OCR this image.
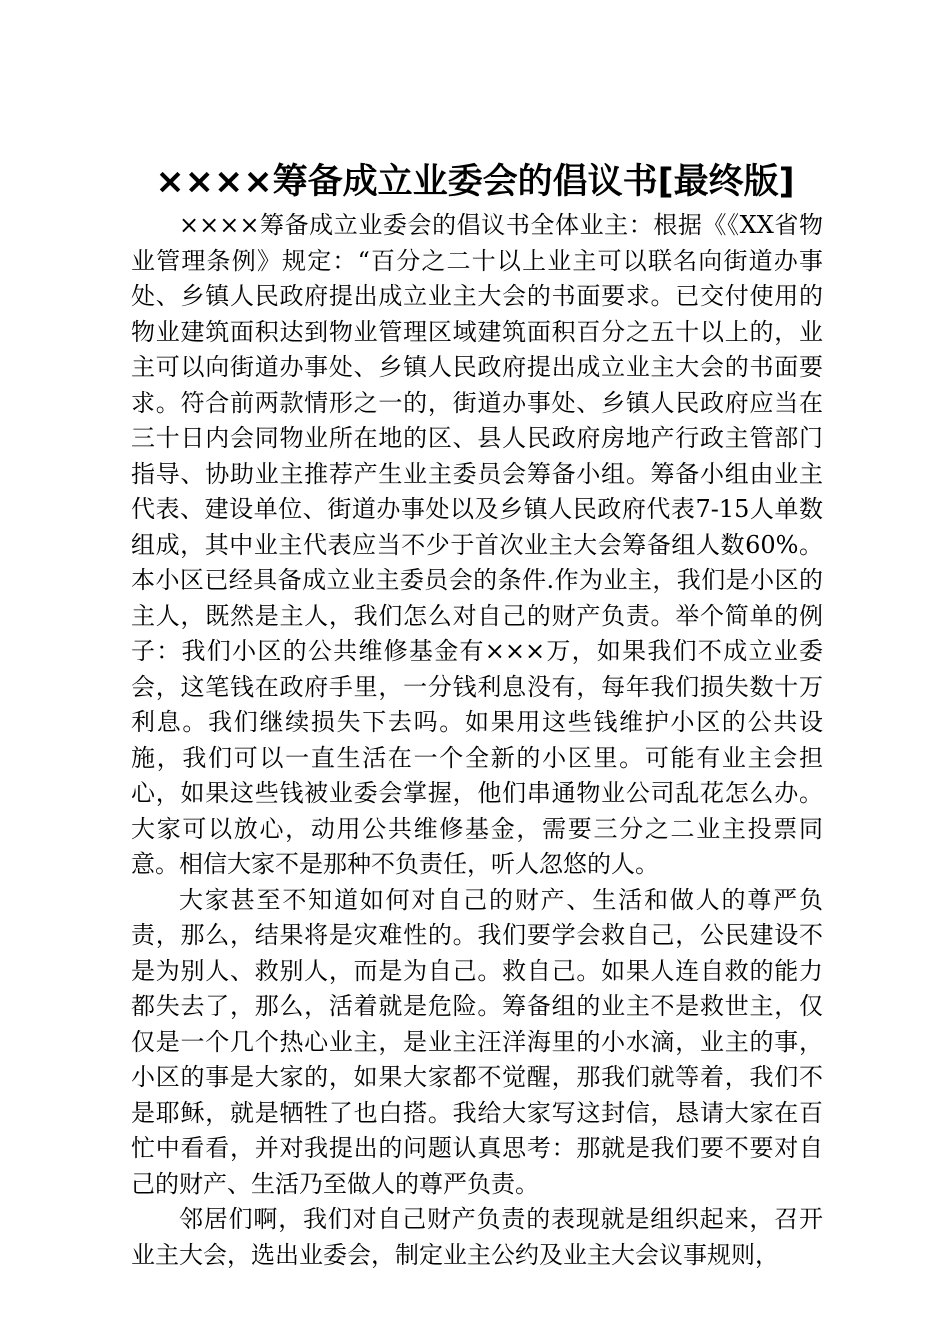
××××筹备成立业委会的倡议书[最终版]

××××筹备成立业委会的倡议书全体业主：根据《《XX省物业管理条例》规定：“百分之二十以上业主可以联名向街道办事处、乡镇人民政府提出成立业主大会的书面要求。已交付使用的物业建筑面积达到物业管理区域建筑面积百分之五十以上的，业主可以向街道办事处、乡镇人民政府提出成立业主大会的书面要求。符合前两款情形之一的，街道办事处、乡镇人民政府应当在三十日内会同物业所在地的区、县人民政府房地产行政主管部门指导、协助业主推荐产生业主委员会筹备小组。筹备小组由业主代表、建设单位、街道办事处以及乡镇人民政府代表7-15人单数组成，其中业主代表应当不少于首次业主大会筹备组人数60%。本小区已经具备成立业主委员会的条件.作为业主，我们是小区的主人，既然是主人，我们怎么对自己的财产负责。举个简单的例子：我们小区的公共维修基金有×××万，如果我们不成立业委会，这笔钱在政府手里，一分钱利息没有，每年我们损失数十万利息。我们继续损失下去吗。如果用这些钱维护小区的公共设施，我们可以一直生活在一个全新的小区里。可能有业主会担心，如果这些钱被业委会掌握，他们串通物业公司乱花怎么办。大家可以放心，动用公共维修基金，需要三分之二业主投票同意。相信大家不是那种不负责任，听人忽悠的人。

大家甚至不知道如何对自己的财产、生活和做人的尊严负责，那么，结果将是灾难性的。我们要学会救自己，公民建设不是为别人、救别人，而是为自己。救自己。如果人连自救的能力都失去了，那么，活着就是危险。筹备组的业主不是救世主，仅仅是一个几个热心业主，是业主汪洋海里的小水滴，业主的事，小区的事是大家的，如果大家都不觉醒，那我们就等着，我们不是耶稣，就是牺牲了也白搭。我给大家写这封信，恳请大家在百忙中看看，并对我提出的问题认真思考：那就是我们要不要对自己的财产、生活乃至做人的尊严负责。

邻居们啊，我们对自己财产负责的表现就是组织起来，召开业主大会，选出业委会，制定业主公约及业主大会议事规则，
